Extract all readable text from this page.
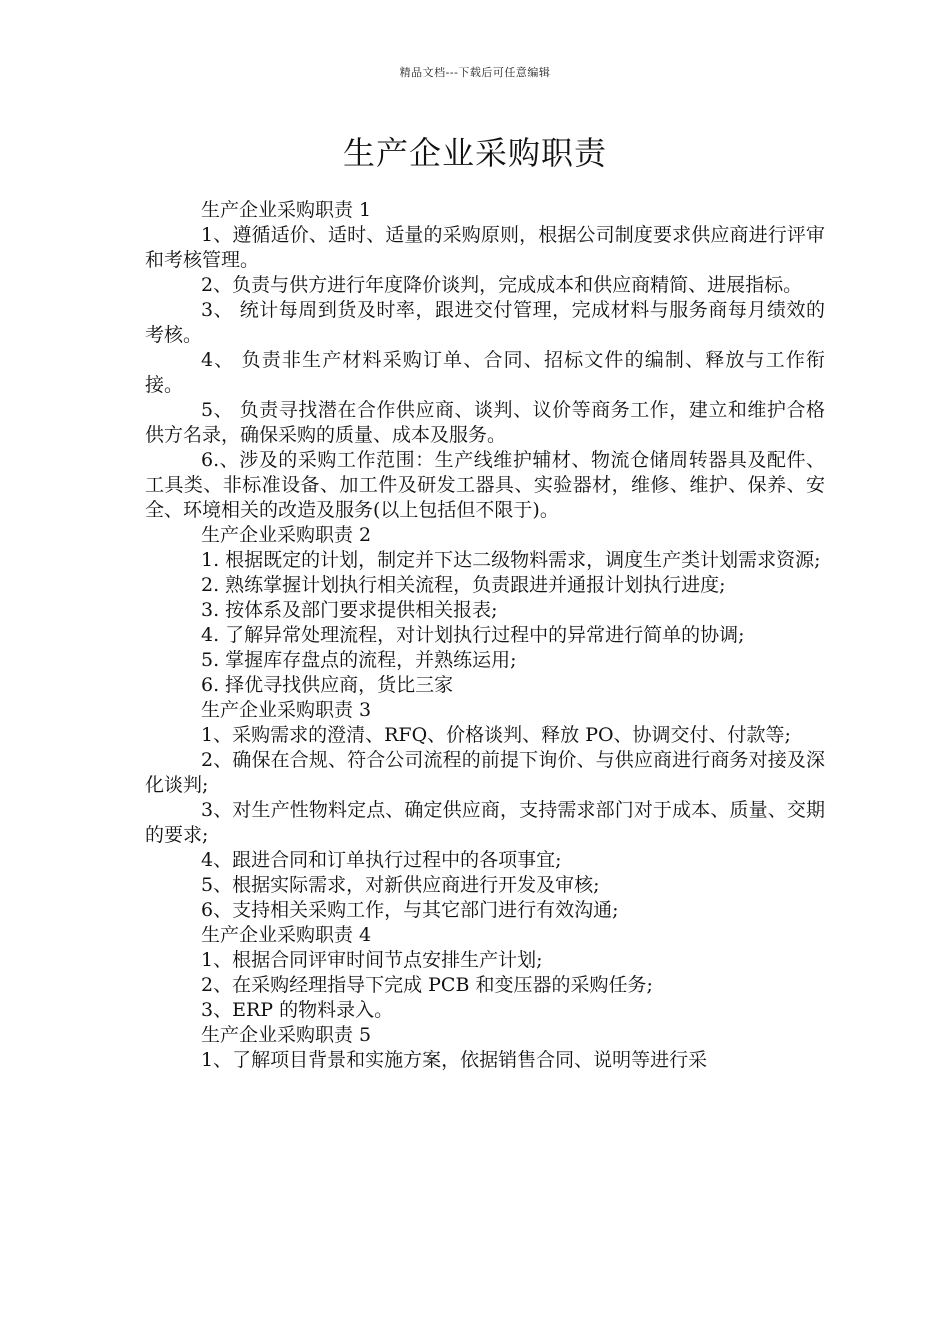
精品文档---下载后可任意编辑
生产企业采购职责

生产企业采购职责 1

1、遵循适价、适时、适量的采购原则，根据公司制度要求供应商进行评审和考核管理。

2、负责与供方进行年度降价谈判，完成成本和供应商精简、进展指标。

3、 统计每周到货及时率，跟进交付管理，完成材料与服务商每月绩效的考核。

4、 负责非生产材料采购订单、合同、招标文件的编制、释放与工作衔接。

5、 负责寻找潜在合作供应商、谈判、议价等商务工作，建立和维护合格供方名录，确保采购的质量、成本及服务。

6.、涉及的采购工作范围：生产线维护辅材、物流仓储周转器具及配件、工具类、非标准设备、加工件及研发工器具、实验器材，维修、维护、保养、安全、环境相关的改造及服务(以上包括但不限于)。

生产企业采购职责 2

1. 根据既定的计划，制定并下达二级物料需求，调度生产类计划需求资源;

2. 熟练掌握计划执行相关流程，负责跟进并通报计划执行进度;

3. 按体系及部门要求提供相关报表;

4. 了解异常处理流程，对计划执行过程中的异常进行简单的协调;

5. 掌握库存盘点的流程，并熟练运用;

6. 择优寻找供应商，货比三家

生产企业采购职责 3

1、采购需求的澄清、RFQ、价格谈判、释放 PO、协调交付、付款等;

2、确保在合规、符合公司流程的前提下询价、与供应商进行商务对接及深化谈判;

3、对生产性物料定点、确定供应商，支持需求部门对于成本、质量、交期的要求;

4、跟进合同和订单执行过程中的各项事宜;

5、根据实际需求，对新供应商进行开发及审核;

6、支持相关采购工作，与其它部门进行有效沟通;

生产企业采购职责 4

1、根据合同评审时间节点安排生产计划;

2、在采购经理指导下完成 PCB 和变压器的采购任务;

3、ERP 的物料录入。

生产企业采购职责 5

1、了解项目背景和实施方案，依据销售合同、说明等进行采
